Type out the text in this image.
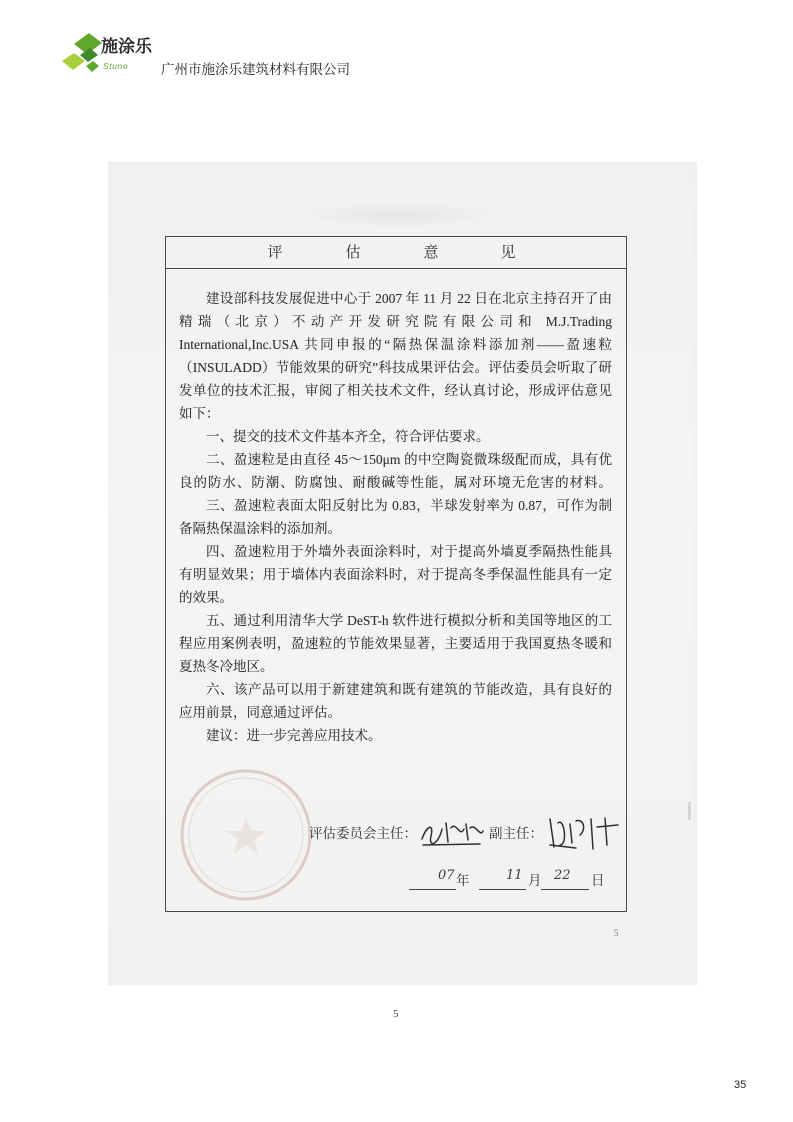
施涂乐
Stuno 广州市施涂乐建筑材料有限公司
评	估	意	见
建设部科技发展促进中心于 2007 年 11 月 22 日在北京主持召开了由
精瑞（北京）不动产开发研究院有限公司和 M.J.Trading
International,Inc.USA 共同申报的“隔热保温涂料添加剂——盈速粒
（INSULADD）节能效果的研究”科技成果评估会。评估委员会听取了研
发单位的技术汇报，审阅了相关技术文件，经认真讨论，形成评估意见
如下：
一、提交的技术文件基本齐全，符合评估要求。
二、盈速粒是由直径 45～150μm 的中空陶瓷微珠级配而成，具有优
良的防水、防潮、防腐蚀、耐酸碱等性能，属对环境无危害的材料。
三、盈速粒表面太阳反射比为 0.83，半球发射率为 0.87，可作为制
备隔热保温涂料的添加剂。
四、盈速粒用于外墙外表面涂料时，对于提高外墙夏季隔热性能具
有明显效果；用于墙体内表面涂料时，对于提高冬季保温性能具有一定
的效果。
五、通过利用清华大学 DeST-h 软件进行模拟分析和美国等地区的工
程应用案例表明，盈速粒的节能效果显著，主要适用于我国夏热冬暖和
夏热冬冷地区。
六、该产品可以用于新建建筑和既有建筑的节能改造，具有良好的
应用前景，同意通过评估。
建议：进一步完善应用技术。
评估委员会主任：	副主任：
07 年	11 月 22 日
5
5
35
